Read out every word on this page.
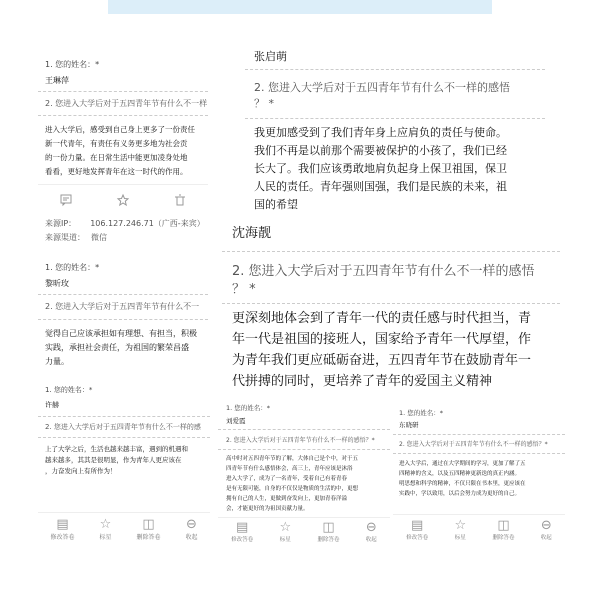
1. 您的姓名：*
王琳萍
2. 您进入大学后对于五四青年节有什么不一样

进入大学后，感受到自己身上更多了一份责任

新一代青年，有责任有义务更多地为社会贡

的一份力量。在日常生活中能更加凌身处地

看看，更好地发挥青年在这一时代的作用。

来源IP： 106.127.246.71（广西-来宾）
来源渠道： 微信
1. 您的姓名：*
黎昕玫
2. 您进入大学后对于五四青年节有什么不一

觉得自己应该承担如有理想、有担当，积极

实践，承担社会责任，为祖国的繁荣昌盛

力量。

张启萌

2. 您进入大学后对于五四青年节有什么不一样的感悟

？ *

我更加感受到了我们青年身上应肩负的责任与使命。

我们不再是以前那个需要被保护的小孩了，我们已经

长大了。我们应该勇敢地肩负起身上保卫祖国，保卫

人民的责任。青年强则国强，我们是民族的未来，祖

国的希望

沈海靓

2. 您进入大学后对于五四青年节有什么不一样的感悟

？ *

更深刻地体会到了青年一代的责任感与时代担当，青

年一代是祖国的接班人，国家给予青年一代厚望，作

为青年我们更应砥砺奋进，五四青年节在鼓励青年一

代拼搏的同时，更培养了青年的爱国主义精神

1. 您的姓名：*
许赫
2. 您进入大学后对于五四青年节有什么不一样的感

上了大学之后，生活也越来越丰富，遇到的机遇和

越来越多，其其是很明显，作为青年人更应该在

，力奋发向上有所作为！

▤
修改答卷
☆
标星
◫
删除答卷
⊖
收起
1. 您的姓名：*
刘爱霞
2. 您进入大学后对于五四青年节有什么不一样的感悟？*

高中时对五四青年节的了解，大体自己是个中，对于五

四青年节有什么感悟体会，高三上，青年应该是沐浴

进入大学了，成为了一名青年，受着自己有着青春

是有无限可能，自身的不仅仅是物质的生活的中，更想

拥有自己的人生，更做到奋发向上，更加青春洋溢

会，才能更好的为祖国贡献力量。

▤
修改答卷
☆
标星
◫
删除答卷
⊖
收起
1. 您的姓名：*
东晓研
2. 您进入大学后对于五四青年节有什么不一样的感悟？*

进入大学后，通过在大学期间的学习，更加了解了五

四精神的含义，以及五四精神更新迭的真正内涵。

明思想和科学的精神，不仅只限在书本里，更应该在

实践中，学以致用，以后会努力成为更好的自己。

▤
修改答卷
☆
标星
◫
删除答卷
⊖
收起
